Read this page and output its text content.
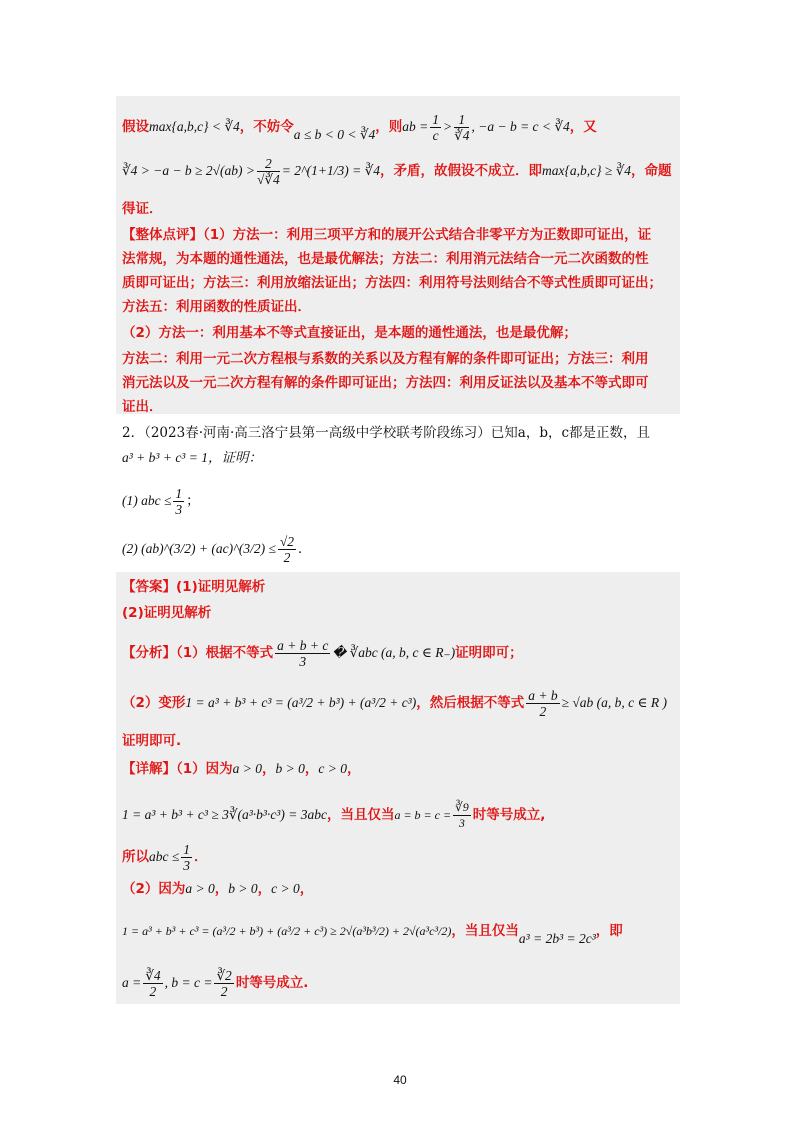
假设max{a,b,c} < ∛4，不妨令a ≤ b < 0 < ∛4，则ab = $\frac{1}{c} > \frac{1}{∛4}$ , −a − b = c < ∛4，又
∛4 > $-a - b \ge 2√(ab) > \frac{2}{√∛4}$ = 2^(1+1/3) = ∛4，矛盾，故假设不成立．即max{a,b,c} ≥ ∛4，命题
得证．
【整体点评】（1）方法一：利用三项平方和的展开公式结合非零平方为正数即可证出，证
法常规，为本题的通性通法，也是最优解法；方法二：利用消元法结合一元二次函数的性
质即可证出；方法三：利用放缩法证出；方法四：利用符号法则结合不等式性质即可证出；
方法五：利用函数的性质证出．
（2）方法一：利用基本不等式直接证出，是本题的通性通法，也是最优解；
方法二：利用一元二次方程根与系数的关系以及方程有解的条件即可证出；方法三：利用
消元法以及一元二次方程有解的条件即可证出；方法四：利用反证法以及基本不等式即可
证出．
2．（2023春·河南·高三洛宁县第一高级中学校联考阶段练习）已知a，b，c都是正数，且
a³ + b³ + c³ = 1，证明：
(1) abc ≤ $\frac{1}{3}$ ；
(2) (ab)^(3/2) + (ac)^(3/2) ≤ $\frac{√2}{2}$ ．
【答案】(1)证明见解析
(2)证明见解析
【分析】（1）根据不等式 $\frac{a + b + c}{3}$ � ∛abc (a, b, c ∈ R₋)证明即可；
（2）变形1 = a³ + b³ + c³ = (a³/2 + b³) + (a³/2 + c³)，然后根据不等式 $\frac{a + b}{2} \ge √ab$ (a, b, c ∈ R )
证明即可.
【详解】（1）因为a > 0，b > 0，c > 0，
1 = a³ + b³ + c³ ≥ 3∛(a³·b³·c³) = 3abc，当且仅当$a = b = c = \frac{∛9}{3}$ 时等号成立,
所以abc ≤ $\frac{1}{3}$ ．
（2）因为a > 0，b > 0，c > 0，
1 = a³ + b³ + c³ = (a³/2 + b³) + (a³/2 + c³) ≥ 2√(a³b³/2) + 2√(a³c³/2)，当且仅当a³ = 2b³ = 2c³，即
$a = \frac{∛4}{2}$ , $b = c = \frac{∛2}{2}$ 时等号成立.
40
